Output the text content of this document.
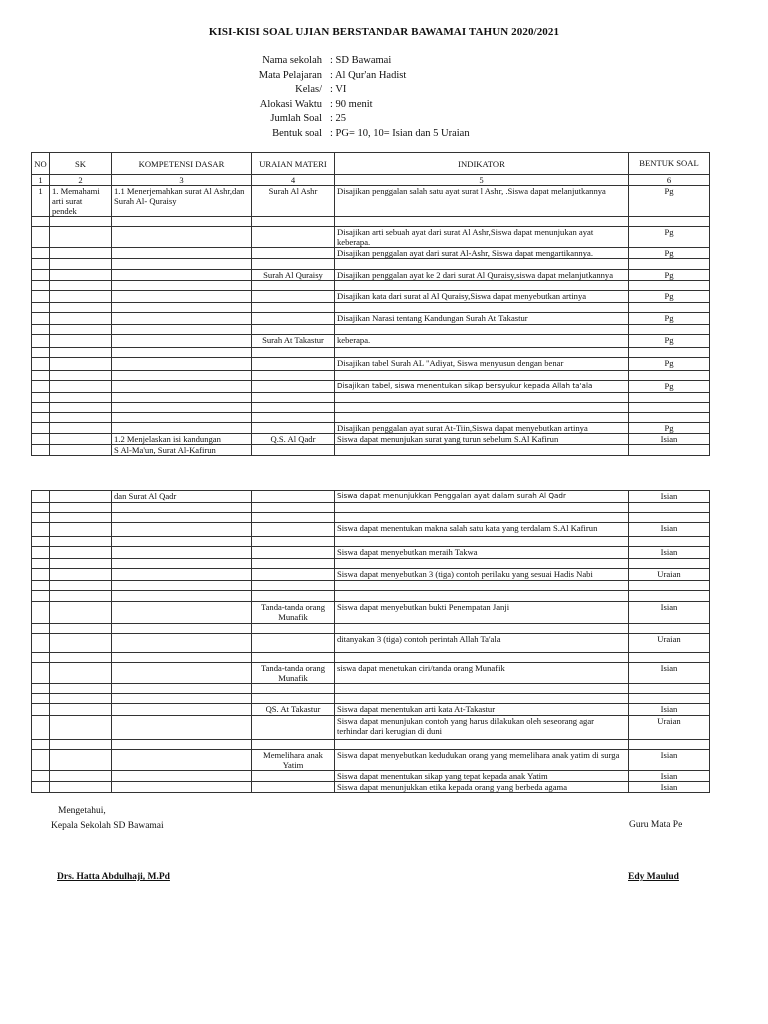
KISI-KISI SOAL UJIAN BERSTANDAR BAWAMAI TAHUN 2020/2021
Nama sekolah : SD Bawamai
Mata Pelajaran : Al Qur'an Hadist
Kelas/ : VI
Alokasi Waktu : 90 menit
Jumlah Soal : 25
Bentuk soal : PG= 10, 10= Isian dan 5 Uraian
NO	SK	KOMPETENSI DASAR	URAIAN MATERI	INDIKATOR	BENTUK SOAL
1	2	3	4	5	6
1	1. Memahami arti surat pendek	1.1 Menerjemahkan surat Al Ashr,dan Surah Al- Quraisy	Surah Al Ashr	Disajikan penggalan salah satu ayat surat l Ashr, .Siswa dapat melanjutkannya	Pg

				Disajikan arti sebuah ayat dari surat Al Ashr,Siswa dapat menunjukan ayat keberapa.	Pg
				Disajikan penggalan ayat dari surat Al-Ashr, Siswa dapat mengartikannya.	Pg

			Surah Al Quraisy	Disajikan penggalan ayat ke 2 dari surat Al Quraisy,siswa dapat melanjutkannya	Pg

				Disajikan kata dari surat al Al Quraisy,Siswa dapat menyebutkan artinya	Pg

				Disajikan Narasi tentang Kandungan Surah At Takastur	Pg

			Surah At Takastur	keberapa.	Pg

				Disajikan tabel Surah AL "Adiyat, Siswa menyusun dengan benar	Pg

				Disajikan tabel, siswa menentukan sikap bersyukur kepada Allah ta'ala	Pg

				Disajikan penggalan ayat surat At-Tiin,Siswa dapat menyebutkan artinya	Pg
		1.2 Menjelaskan isi kandungan	Q.S. Al Qadr	Siswa dapat menunjukan surat yang turun sebelum S.Al Kafirun	Isian
		S Al-Ma'un, Surat Al-Kafirun			
		dan Surat Al Qadr		Siswa dapat menunjukkan Penggalan ayat dalam surah Al Qadr	Isian

				Siswa dapat menentukan makna salah satu kata yang terdalam S.Al Kafirun	Isian

				Siswa dapat menyebutkan meraih Takwa	Isian

				Siswa dapat menyebutkan 3 (tiga) contoh perilaku yang sesuai Hadis Nabi	Uraian

			Tanda-tanda orang Munafik	Siswa dapat menyebutkan bukti Penempatan Janji	Isian

				ditanyakan 3 (tiga) contoh perintah Allah Ta'ala	Uraian

			Tanda-tanda orang Munafik	siswa dapat menetukan ciri/tanda orang Munafik	Isian

			QS. At Takastur	Siswa dapat menentukan arti kata At-Takastur	Isian
				Siswa dapat menunjukan contoh yang harus dilakukan oleh seseorang agar terhindar dari kerugian di duni	Uraian

			Memelihara anak Yatim	Siswa dapat menyebutkan kedudukan orang yang memelihara anak yatim di surga	Isian
				Siswa dapat menentukan sikap yang tepat kepada anak Yatim	Isian
				Siswa dapat menunjukkan etika kepada orang yang berbeda agama	Isian
Mengetahui,
Kepala Sekolah SD Bawamai	Guru Mata Pe
Drs. Hatta Abdulhaji, M.Pd	Edy Maulud
